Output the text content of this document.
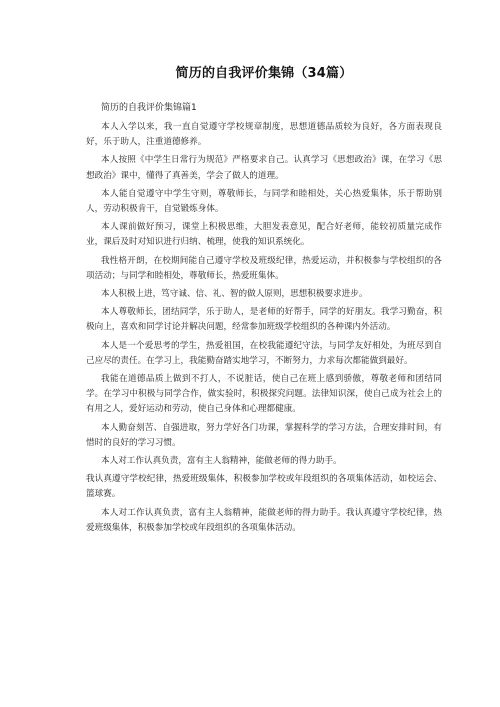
简历的自我评价集锦（34篇）
简历的自我评价集锦篇1

本人入学以来，我一直自觉遵守学校规章制度，思想道德品质较为良好，各方面表现良好，乐于助人，注重道德修养。

本人按照《中学生日常行为规范》严格要求自己。认真学习《思想政治》课，在学习《思想政治》课中，懂得了真善美，学会了做人的道理。

本人能自觉遵守中学生守则，尊敬师长，与同学和睦相处，关心热爱集体，乐于帮助别人，劳动积极肯干，自觉锻炼身体。

本人课前做好预习，课堂上积极思维，大胆发表意见，配合好老师，能较初质量完成作业，课后及时对知识进行归纳、梳理，使我的知识系统化。

我性格开朗，在校期间能自己遵守学校及班级纪律，热爱运动，并积极参与学校组织的各项活动；与同学和睦相处，尊敬师长，热爱班集体。

本人积极上进，笃守诚、信、礼、智的做人原则，思想积极要求进步。

本人尊敬师长，团结同学，乐于助人，是老师的好帮手，同学的好朋友。我学习勤奋，积极向上，喜欢和同学讨论并解决问题，经常参加班级学校组织的各种课内外活动。

本人是一个爱思考的学生，热爱祖国，在校我能遵纪守法，与同学友好相处，为班尽到自己应尽的责任。在学习上，我能勤奋踏实地学习，不断努力，力求每次都能做到最好。

我能在道德品质上做到不打人，不说脏话，使自己在班上感到骄傲，尊敬老师和团结同学。在学习中积极与同学合作，做实验时，积极探究问题。法律知识深，使自己成为社会上的有用之人，爱好运动和劳动，使自己身体和心理都健康。

本人勤奋刻苦、自强进取，努力学好各门功课，掌握科学的学习方法，合理安排时间，有惜时的良好的学习习惯。

本人对工作认真负责，富有主人翁精神，能做老师的得力助手。

我认真遵守学校纪律，热爱班级集体，积极参加学校或年段组织的各项集体活动，如校运会、篮球赛。

本人对工作认真负责，富有主人翁精神，能做老师的得力助手。我认真遵守学校纪律，热爱班级集体，积极参加学校或年段组织的各项集体活动。
